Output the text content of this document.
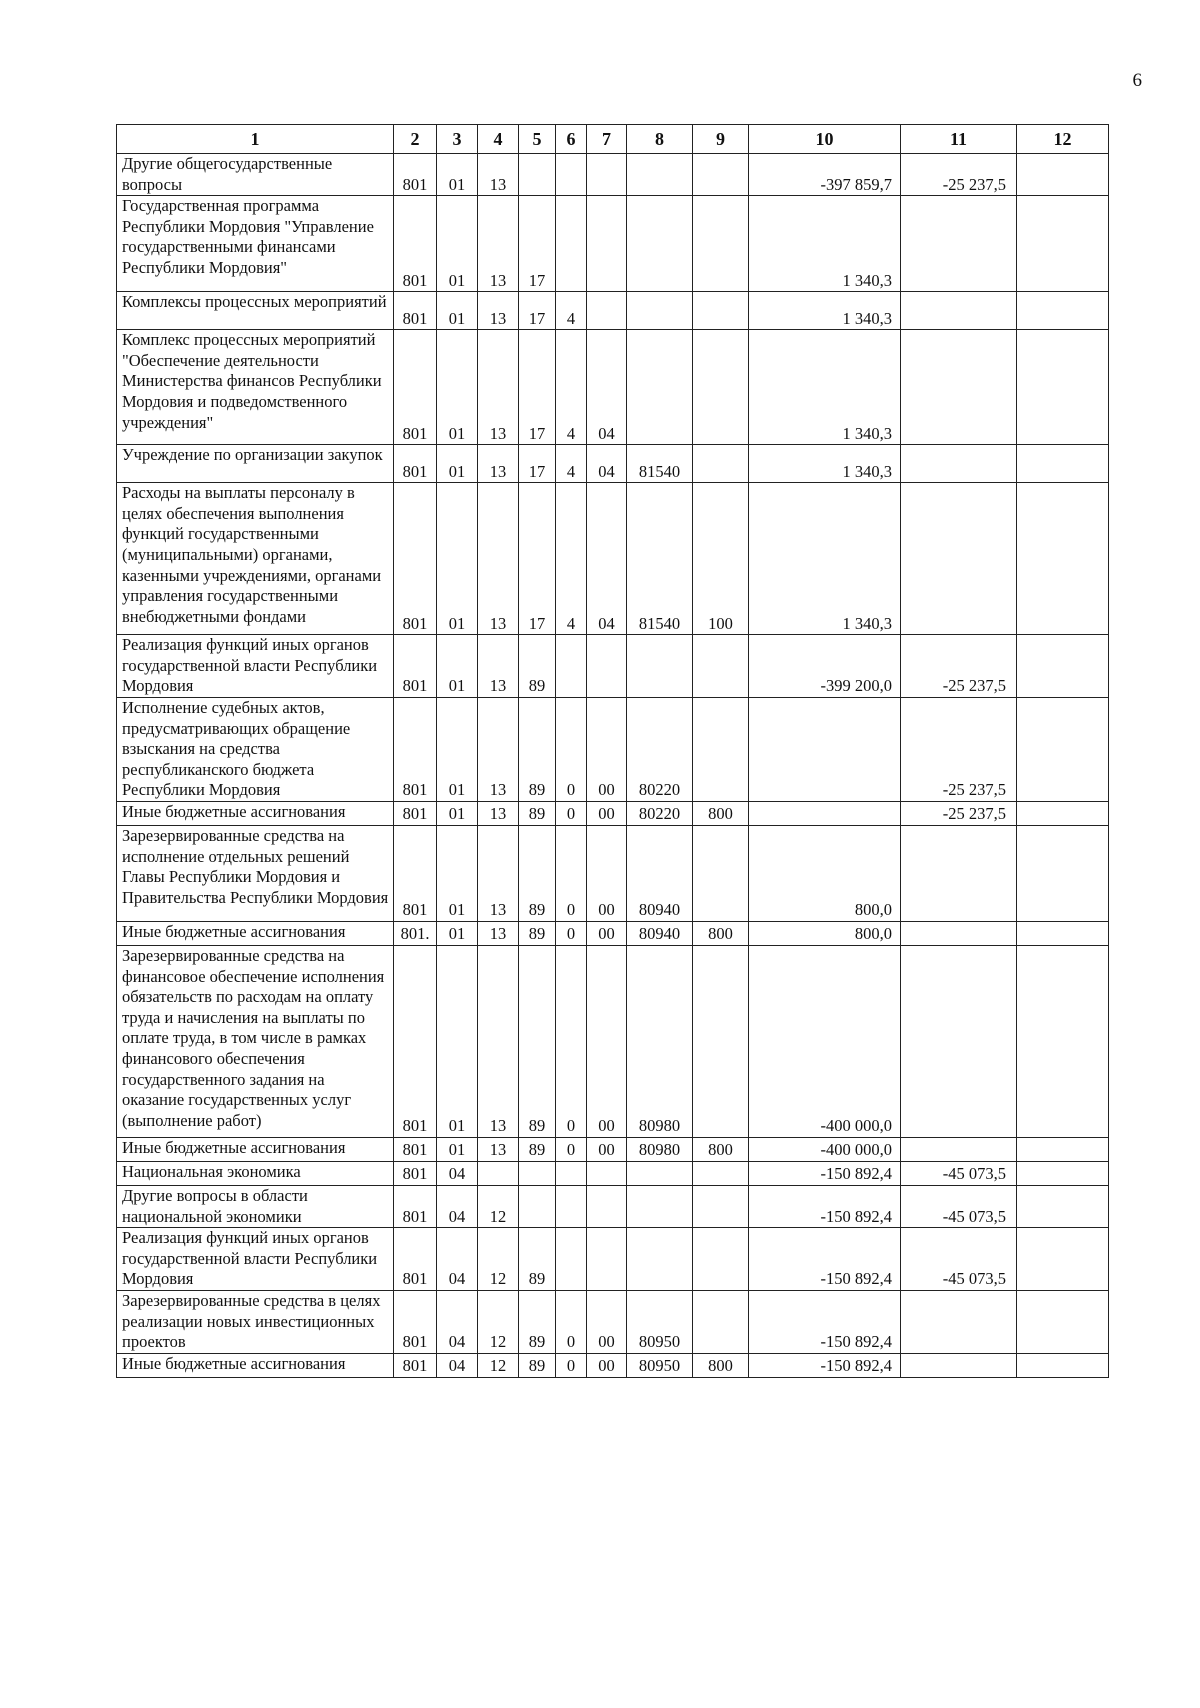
6
1	2	3	4	5	6	7	8	9	10	11	12
Другие общегосударственные вопросы	801	01	13						-397 859,7	-25 237,5	
Государственная программа Республики Мордовия "Управление государственными финансами Республики Мордовия"	801	01	13	17					1 340,3		
Комплексы процессных мероприятий	801	01	13	17	4				1 340,3		
Комплекс процессных мероприятий "Обеспечение деятельности Министерства финансов Республики Мордовия и подведомственного учреждения"	801	01	13	17	4	04			1 340,3		
Учреждение по организации закупок	801	01	13	17	4	04	81540		1 340,3		
Расходы на выплаты персоналу в целях обеспечения выполнения функций государственными (муниципальными) органами, казенными учреждениями, органами управления государственными внебюджетными фондами	801	01	13	17	4	04	81540	100	1 340,3		
Реализация функций иных органов государственной власти Республики Мордовия	801	01	13	89					-399 200,0	-25 237,5	
Исполнение судебных актов, предусматривающих обращение взыскания на средства республиканского бюджета Республики Мордовия	801	01	13	89	0	00	80220			-25 237,5	
Иные бюджетные ассигнования	801	01	13	89	0	00	80220	800		-25 237,5	
Зарезервированные средства на исполнение отдельных решений Главы Республики Мордовия и Правительства Республики Мордовия	801	01	13	89	0	00	80940		800,0		
Иные бюджетные ассигнования	801.	01	13	89	0	00	80940	800	800,0		
Зарезервированные средства на финансовое обеспечение исполнения обязательств по расходам на оплату труда и начисления на выплаты по оплате труда, в том числе в рамках финансового обеспечения государственного задания на оказание государственных услуг (выполнение работ)	801	01	13	89	0	00	80980		-400 000,0		
Иные бюджетные ассигнования	801	01	13	89	0	00	80980	800	-400 000,0		
Национальная экономика	801	04							-150 892,4	-45 073,5	
Другие вопросы в области национальной экономики	801	04	12						-150 892,4	-45 073,5	
Реализация функций иных органов государственной власти Республики Мордовия	801	04	12	89					-150 892,4	-45 073,5	
Зарезервированные средства в целях реализации новых инвестиционных проектов	801	04	12	89	0	00	80950		-150 892,4		
Иные бюджетные ассигнования	801	04	12	89	0	00	80950	800	-150 892,4		
